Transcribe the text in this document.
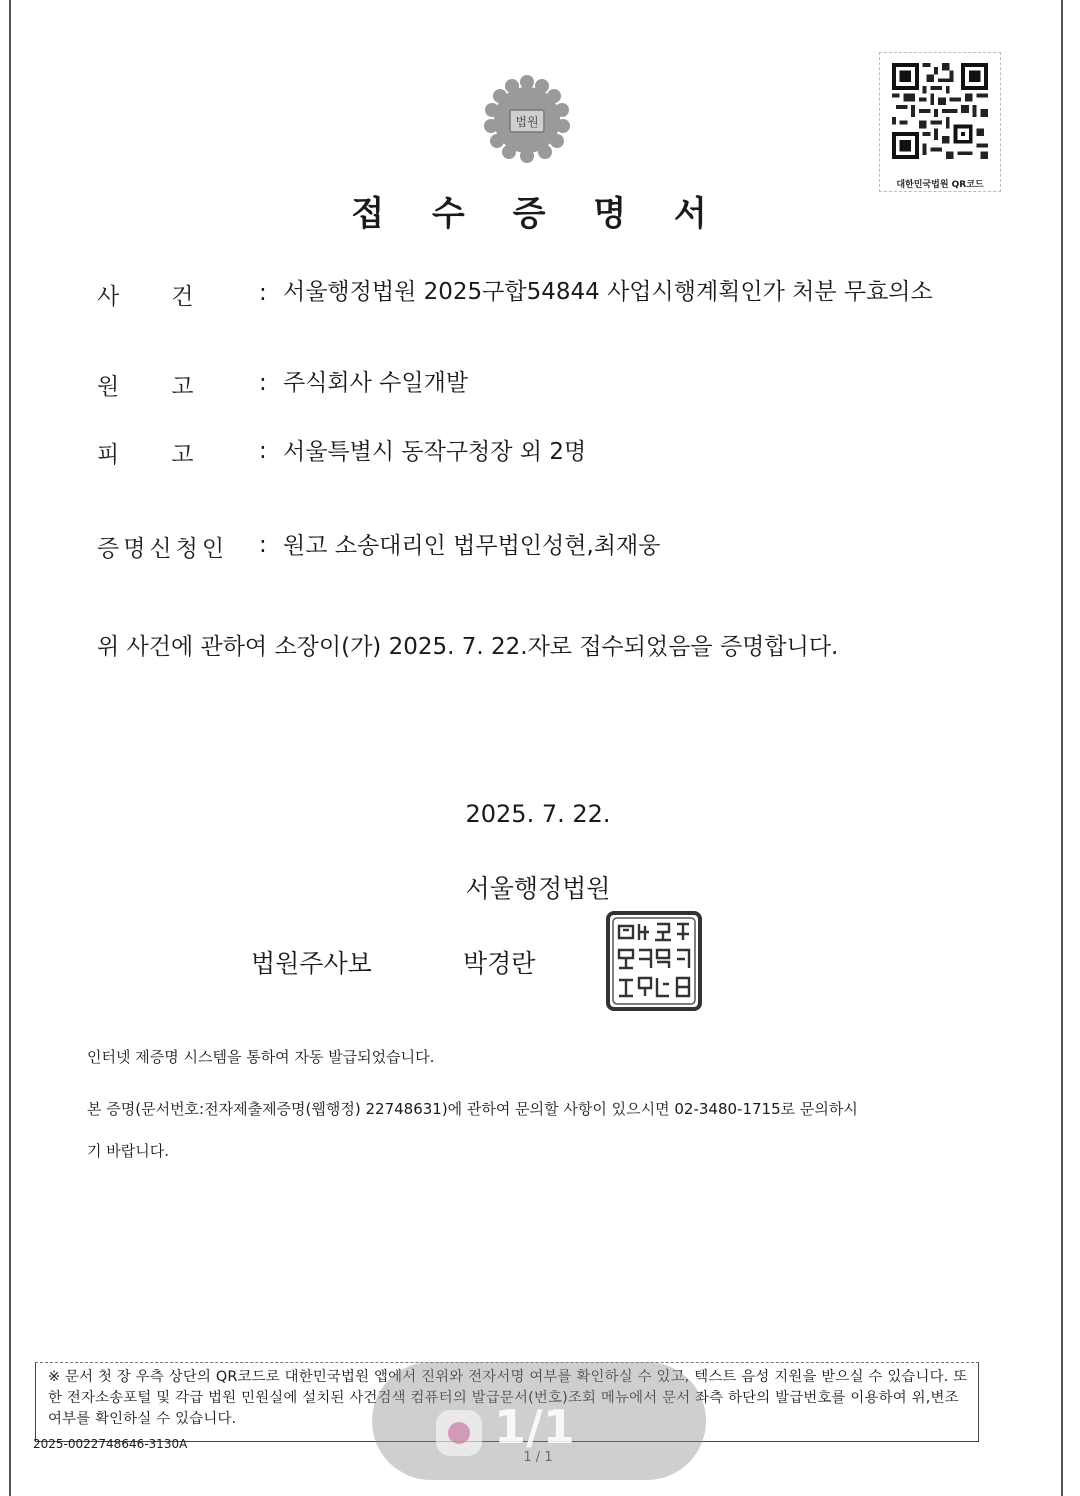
법원
대한민국법원 QR코드
접 수 증 명 서
사건 : 서울행정법원 2025구합54844 사업시행계획인가 처분 무효의소
원고 : 주식회사 수일개발
피고 : 서울특별시 동작구청장 외 2명
증명신청인 : 원고 소송대리인 법무법인성현,최재웅
위 사건에 관하여 소장이(가) 2025. 7. 22.자로 접수되었음을 증명합니다.
2025. 7. 22.
서울행정법원
법원주사보	박경란
인터넷 제증명 시스템을 통하여 자동 발급되었습니다.
본 증명(문서번호:전자제출제증명(웹행정) 22748631)에 관하여 문의할 사항이 있으시면 02-3480-1715로 문의하시
기 바랍니다.
※ 문서 첫 장 우측 상단의 QR코드로 대한민국법원 앱에서 진위와 전자서명 여부를 확인하실 수 있고, 텍스트 음성 지원을 받으실 수 있습니다. 또한 전자소송포털 및 각급 법원 민원실에 설치된 사건검색 컴퓨터의 발급문서(번호)조회 메뉴에서 문서 좌측 하단의 발급번호를 이용하여 위,변조 여부를 확인하실 수 있습니다.
2025-0022748646-3130A
1 / 1
1/1
